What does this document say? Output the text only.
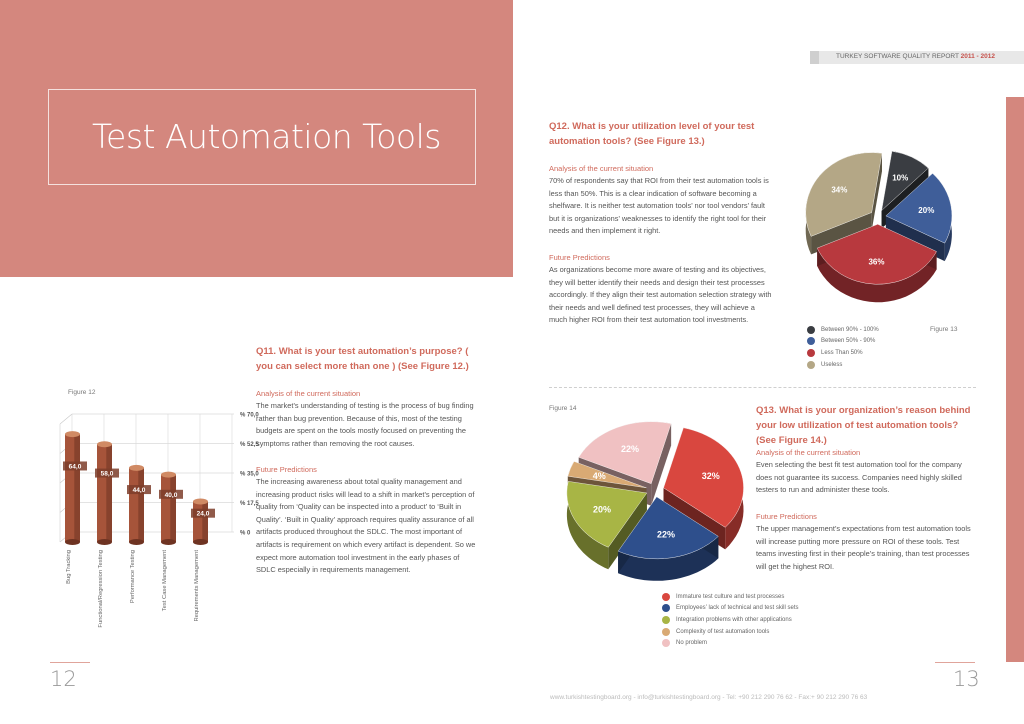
Test Automation Tools
Q11. What is your test automation’s purpose? ( you can select more than one ) (See Figure 12.)
Analysis of the current situation
The market’s understanding of testing is the process of bug finding rather than bug prevention. Because of this, most of the testing budgets are spent on the tools mostly focused on preventing the symptoms rather than removing the root causes.
Future Predictions
The increasing awareness about total quality management and increasing product risks will lead to a shift in market’s perception of quality from ‘Quality can be inspected into a product’ to ‘Built in Quality’. ‘Built in Quality’ approach requires quality assurance of all artifacts produced throughout the SDLC. The most important of artifacts is requirement on which every artifact is dependent. So we expect more automation tool investment in the early phases of SDLC especially in requirements management.
Figure 12
% 0
% 17,5
% 35,0
% 52,5
% 70,0
64,0
Bug Tracking
58,0
Functional/Regression Testing
44,0
Performance Testing
40,0
Test Case Management
24,0
Requirements Management
12
TURKEY SOFTWARE QUALITY REPORT 2011 - 2012
Q12. What is your utilization level of your test automation tools? (See Figure 13.)
Analysis of the current situation
70% of respondents say that ROI from their test automation tools is less than 50%. This is a clear indication of software becoming a shelfware. It is neither test automation tools’ nor tool vendors’ fault but it is organizations’ weaknesses to identify the right tool for their needs and then implement it right.
Future Predictions
As organizations become more aware of testing and its objectives, they will better identify their needs and design their test processes accordingly. If they align their test automation selection strategy with their needs and well defined test processes, they will achieve a much higher ROI from their test automation tool investments.
10%
20%
36%
34%
Between 90% - 100%
Between 50% - 90%
Less Than 50%
Useless
Figure 13
Figure 14
32%
22%
20%
4%
22%
Immature test culture and test processes
Employees’ lack of technical and test skill sets
Integration problems with other applications
Complexity of test automation tools
No problem
Q13. What is your organization’s reason behind your low utilization of test automation tools? (See Figure 14.)
Analysis of the current situation
Even selecting the best fit test automation tool for the company does not guarantee its success. Companies need highly skilled testers to run and administer these tools.
Future Predictions
The upper management’s expectations from test automation tools will increase putting more pressure on ROI of these tools. Test teams investing first in their people’s training, than test processes will get the highest ROI.
13
www.turkishtestingboard.org - info@turkishtestingboard.org - Tel: +90 212 290 76 62 - Fax:+ 90 212 290 76 63
